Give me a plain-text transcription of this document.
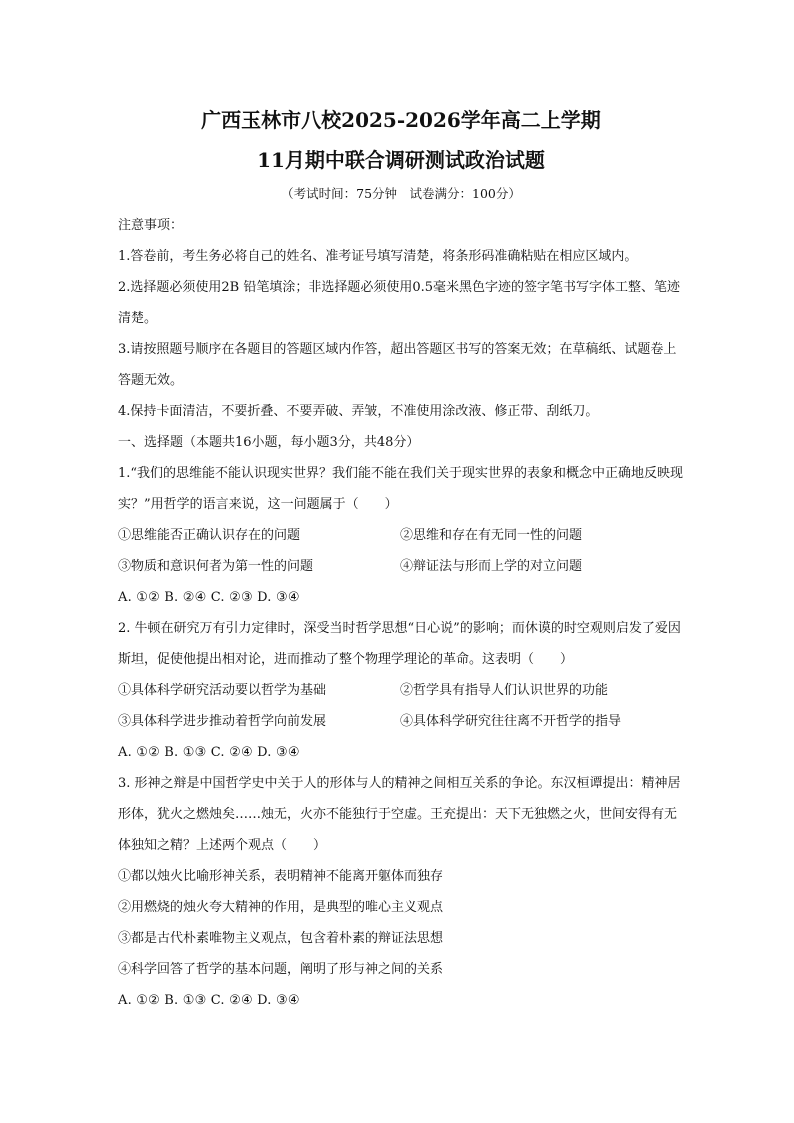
广西玉林市八校2025-2026学年高二上学期
11月期中联合调研测试政治试题

（考试时间：75分钟　试卷满分：100分）

注意事项：

1.答卷前，考生务必将自己的姓名、准考证号填写清楚，将条形码准确粘贴在相应区域内。

2.选择题必须使用2B 铅笔填涂；非选择题必须使用0.5毫米黑色字迹的签字笔书写字体工整、笔迹清楚。

3.请按照题号顺序在各题目的答题区域内作答，超出答题区书写的答案无效；在草稿纸、试题卷上答题无效。

4.保持卡面清洁，不要折叠、不要弄破、弄皱，不准使用涂改液、修正带、刮纸刀。

一、选择题（本题共16小题，每小题3分，共48分）

1.“我们的思维能不能认识现实世界？我们能不能在我们关于现实世界的表象和概念中正确地反映现实？”用哲学的语言来说，这一问题属于（　　）

①思维能否正确认识存在的问题	②思维和存在有无同一性的问题
③物质和意识何者为第一性的问题	④辩证法与形而上学的对立问题

A. ①② B. ②④ C. ②③ D. ③④

2. 牛顿在研究万有引力定律时，深受当时哲学思想“日心说”的影响；而休谟的时空观则启发了爱因斯坦，促使他提出相对论，进而推动了整个物理学理论的革命。这表明（　　）

①具体科学研究活动要以哲学为基础	②哲学具有指导人们认识世界的功能
③具体科学进步推动着哲学向前发展	④具体科学研究往往离不开哲学的指导

A. ①② B. ①③ C. ②④ D. ③④

3. 形神之辩是中国哲学史中关于人的形体与人的精神之间相互关系的争论。东汉桓谭提出：精神居形体，犹火之燃烛矣……烛无，火亦不能独行于空虚。王充提出：天下无独燃之火，世间安得有无体独知之精？上述两个观点（　　）

①都以烛火比喻形神关系，表明精神不能离开躯体而独存

②用燃烧的烛火夸大精神的作用，是典型的唯心主义观点

③都是古代朴素唯物主义观点，包含着朴素的辩证法思想

④科学回答了哲学的基本问题，阐明了形与神之间的关系

A. ①② B. ①③ C. ②④ D. ③④
